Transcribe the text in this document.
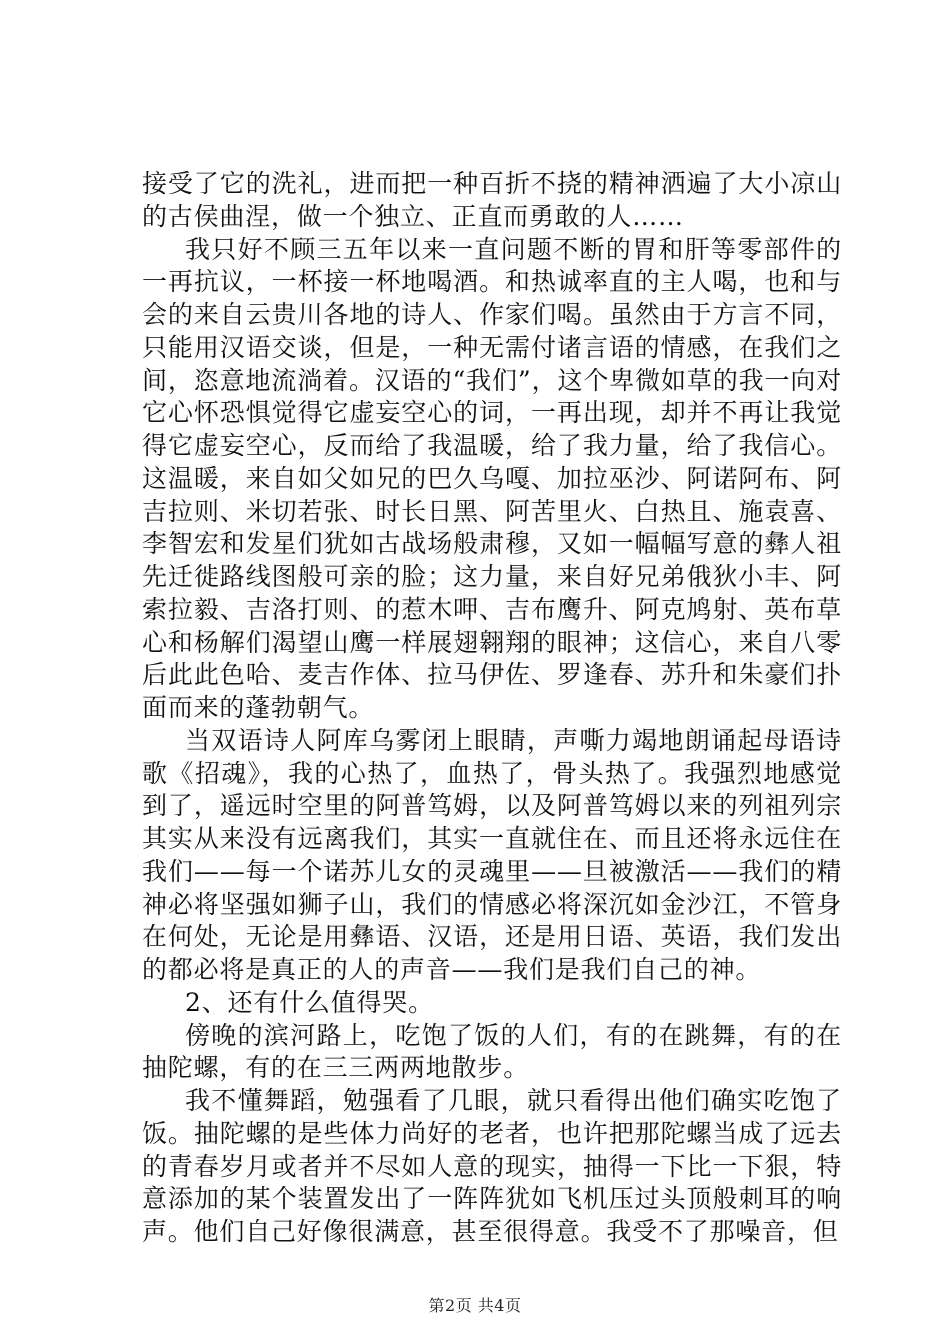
接受了它的洗礼，进而把一种百折不挠的精神洒遍了大小凉山的古侯曲涅，做一个独立、正直而勇敢的人……

我只好不顾三五年以来一直问题不断的胃和肝等零部件的一再抗议，一杯接一杯地喝酒。和热诚率直的主人喝，也和与会的来自云贵川各地的诗人、作家们喝。虽然由于方言不同，只能用汉语交谈，但是，一种无需付诸言语的情感，在我们之间，恣意地流淌着。汉语的“我们”，这个卑微如草的我一向对它心怀恐惧觉得它虚妄空心的词，一再出现，却并不再让我觉得它虚妄空心，反而给了我温暖，给了我力量，给了我信心。这温暖，来自如父如兄的巴久乌嘎、加拉巫沙、阿诺阿布、阿吉拉则、米切若张、时长日黑、阿苦里火、白热且、施袁喜、李智宏和发星们犹如古战场般肃穆，又如一幅幅写意的彝人祖先迁徙路线图般可亲的脸；这力量，来自好兄弟俄狄小丰、阿索拉毅、吉洛打则、的惹木呷、吉布鹰升、阿克鸠射、英布草心和杨解们渴望山鹰一样展翅翱翔的眼神；这信心，来自八零后此此色哈、麦吉作体、拉马伊佐、罗逢春、苏升和朱豪们扑面而来的蓬勃朝气。

当双语诗人阿库乌雾闭上眼睛，声嘶力竭地朗诵起母语诗歌《招魂》，我的心热了，血热了，骨头热了。我强烈地感觉到了，遥远时空里的阿普笃姆，以及阿普笃姆以来的列祖列宗其实从来没有远离我们，其实一直就住在、而且还将永远住在我们——每一个诺苏儿女的灵魂里——旦被激活——我们的精神必将坚强如狮子山，我们的情感必将深沉如金沙江，不管身在何处，无论是用彝语、汉语，还是用日语、英语，我们发出的都必将是真正的人的声音——我们是我们自己的神。

2、还有什么值得哭。

傍晚的滨河路上，吃饱了饭的人们，有的在跳舞，有的在抽陀螺，有的在三三两两地散步。

我不懂舞蹈，勉强看了几眼，就只看得出他们确实吃饱了饭。抽陀螺的是些体力尚好的老者，也许把那陀螺当成了远去的青春岁月或者并不尽如人意的现实，抽得一下比一下狠，特意添加的某个装置发出了一阵阵犹如飞机压过头顶般刺耳的响声。他们自己好像很满意，甚至很得意。我受不了那噪音，但

第2页 共4页
